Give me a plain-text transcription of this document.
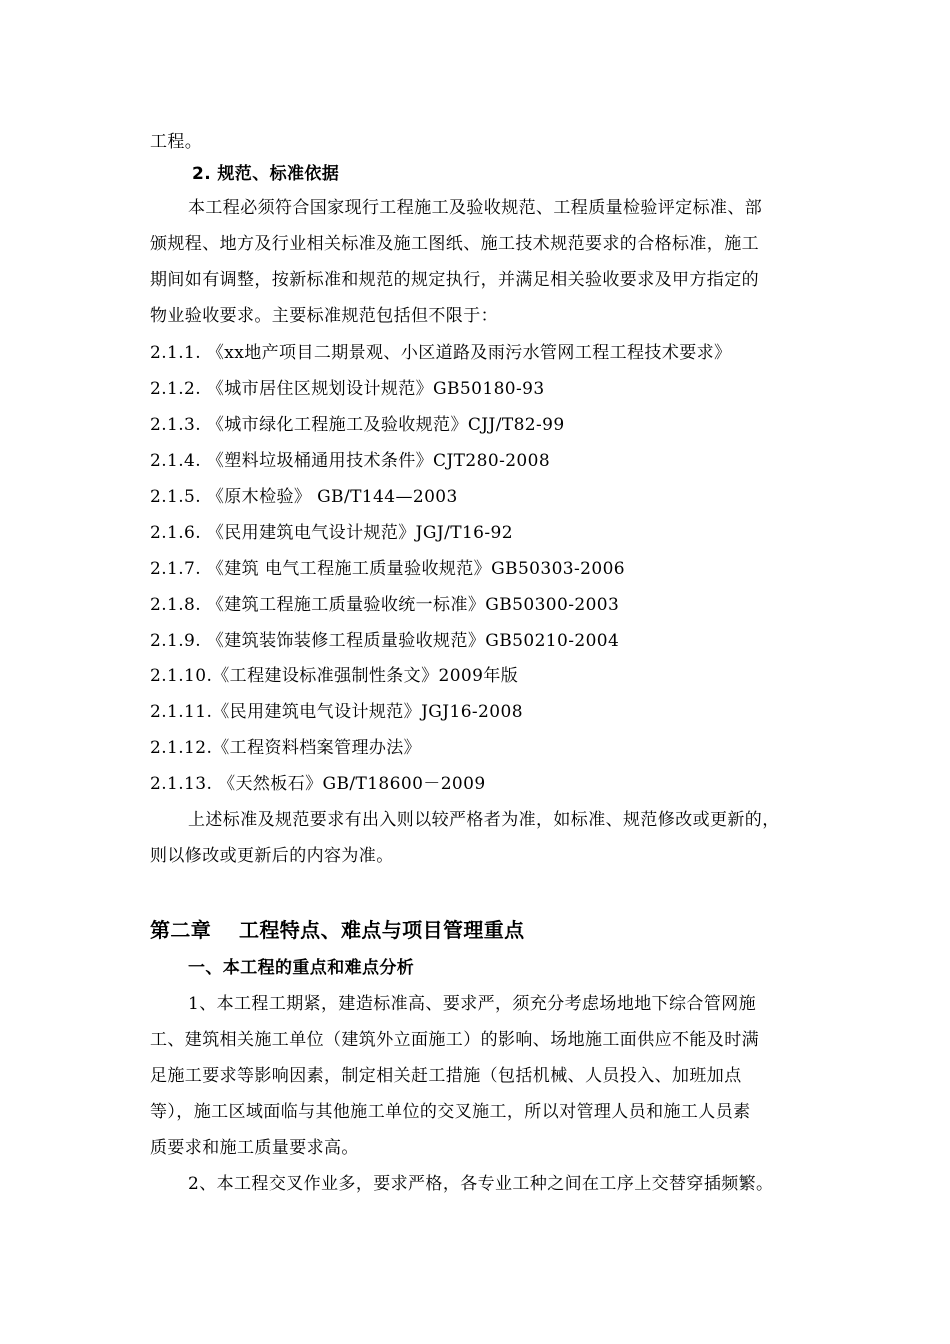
工程。
2. 规范、标准依据
本工程必须符合国家现行工程施工及验收规范、工程质量检验评定标准、部
颁规程、地方及行业相关标准及施工图纸、施工技术规范要求的合格标准，施工
期间如有调整，按新标准和规范的规定执行，并满足相关验收要求及甲方指定的
物业验收要求。主要标准规范包括但不限于：
2.1.1. 《xx地产项目二期景观、小区道路及雨污水管网工程工程技术要求》
2.1.2. 《城市居住区规划设计规范》GB50180-93
2.1.3. 《城市绿化工程施工及验收规范》CJJ/T82-99
2.1.4. 《塑料垃圾桶通用技术条件》CJT280-2008
2.1.5. 《原木检验》 GB/T144—2003
2.1.6. 《民用建筑电气设计规范》JGJ/T16-92
2.1.7. 《建筑 电气工程施工质量验收规范》GB50303-2006
2.1.8. 《建筑工程施工质量验收统一标准》GB50300-2003
2.1.9. 《建筑装饰装修工程质量验收规范》GB50210-2004
2.1.10.《工程建设标准强制性条文》2009年版
2.1.11.《民用建筑电气设计规范》JGJ16-2008
2.1.12.《工程资料档案管理办法》
2.1.13. 《天然板石》GB/T18600－2009
上述标准及规范要求有出入则以较严格者为准，如标准、规范修改或更新的，
则以修改或更新后的内容为准。
第二章　 工程特点、难点与项目管理重点
一、本工程的重点和难点分析
1、本工程工期紧，建造标准高、要求严，须充分考虑场地地下综合管网施
工、建筑相关施工单位（建筑外立面施工）的影响、场地施工面供应不能及时满
足施工要求等影响因素，制定相关赶工措施（包括机械、人员投入、加班加点
等），施工区域面临与其他施工单位的交叉施工，所以对管理人员和施工人员素
质要求和施工质量要求高。
2、本工程交叉作业多，要求严格，各专业工种之间在工序上交替穿插频繁。
